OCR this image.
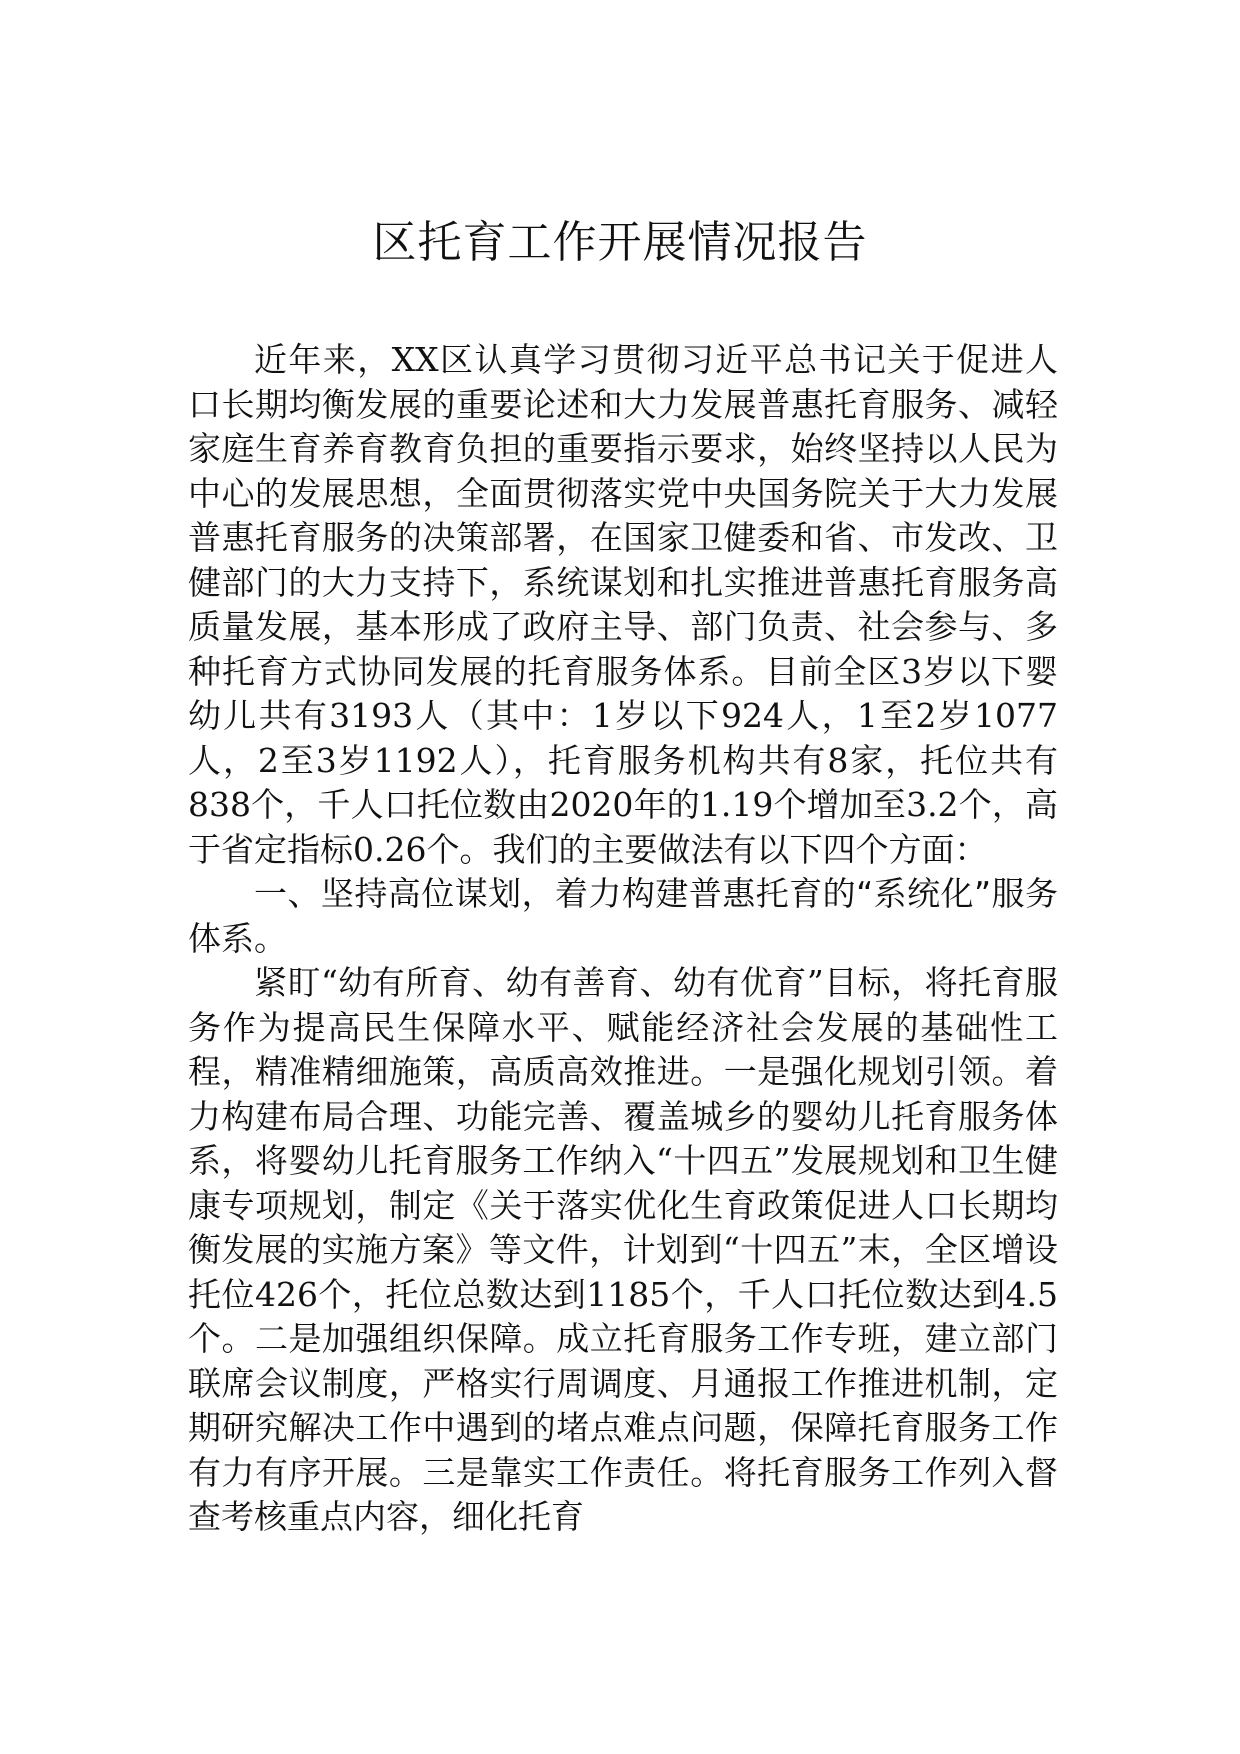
区托育工作开展情况报告

近年来，XX区认真学习贯彻习近平总书记关于促进人口长期均衡发展的重要论述和大力发展普惠托育服务、减轻家庭生育养育教育负担的重要指示要求，始终坚持以人民为中心的发展思想，全面贯彻落实党中央国务院关于大力发展普惠托育服务的决策部署，在国家卫健委和省、市发改、卫健部门的大力支持下，系统谋划和扎实推进普惠托育服务高质量发展，基本形成了政府主导、部门负责、社会参与、多种托育方式协同发展的托育服务体系。目前全区3岁以下婴幼儿共有3193人（其中：1岁以下924人，1至2岁1077人，2至3岁1192人），托育服务机构共有8家，托位共有838个，千人口托位数由2020年的1.19个增加至3.2个，高于省定指标0.26个。我们的主要做法有以下四个方面：

一、坚持高位谋划，着力构建普惠托育的“系统化”服务体系。

紧盯“幼有所育、幼有善育、幼有优育”目标，将托育服务作为提高民生保障水平、赋能经济社会发展的基础性工程，精准精细施策，高质高效推进。一是强化规划引领。着力构建布局合理、功能完善、覆盖城乡的婴幼儿托育服务体系，将婴幼儿托育服务工作纳入“十四五”发展规划和卫生健康专项规划，制定《关于落实优化生育政策促进人口长期均衡发展的实施方案》等文件，计划到“十四五”末，全区增设托位426个，托位总数达到1185个，千人口托位数达到4.5个。二是加强组织保障。成立托育服务工作专班，建立部门联席会议制度，严格实行周调度、月通报工作推进机制，定期研究解决工作中遇到的堵点难点问题，保障托育服务工作有力有序开展。三是靠实工作责任。将托育服务工作列入督查考核重点内容，细化托育
